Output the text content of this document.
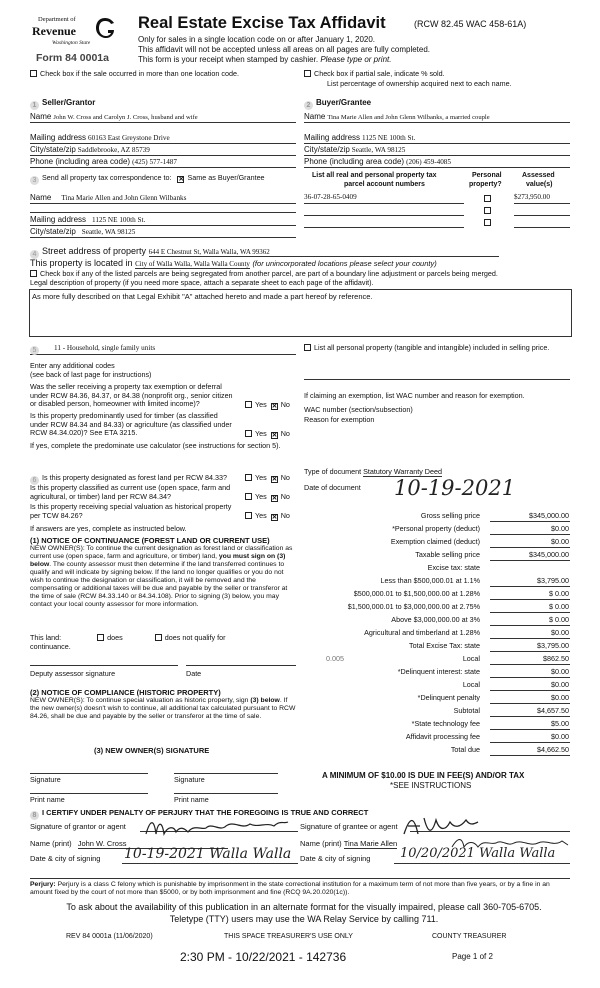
Department of
Revenue
Washington State
Form 84 0001a
Real Estate Excise Tax Affidavit	(RCW 82.45 WAC 458-61A)
Only for sales in a single location code on or after January 1, 2020.
This affidavit will not be accepted unless all areas on all pages are fully completed.
This form is your receipt when stamped by cashier. Please type or print.
Check box if the sale occurred in more than one location code.	Check box if partial sale, indicate % sold.
List percentage of ownership acquired next to each name.
1 Seller/Grantor
Name John W. Cross and Carolyn J. Cross, husband and wife
Mailing address 60163 East Greystone Drive
City/state/zip Saddlebrooke, AZ 85739
Phone (including area code) (425) 577-1487
2 Buyer/Grantee
Name Tina Marie Allen and John Glenn Wilbanks, a married couple
Mailing address 1125 NE 100th St.
City/state/zip Seattle, WA 98125
Phone (including area code) (206) 459-4085
3 Send all property tax correspondence to: ✕ Same as Buyer/Grantee
Name Tina Marie Allen and John Glenn Wilbanks
Mailing address 1125 NE 100th St.
City/state/zip Seattle, WA 98125
List all real and personal property tax
parcel account numbers
Personal
property?
Assessed
value(s)
36-07-28-65-0409	$273,950.00
4 Street address of property 644 E Chestnut St, Walla Walla, WA 99362
This property is located in City of Walla Walla, Walla Walla County (for unincorporated locations please select your county)
Check box if any of the listed parcels are being segregated from another parcel, are part of a boundary line adjustment or parcels being merged.
Legal description of property (if you need more space, attach a separate sheet to each page of the affidavit).
As more fully described on that Legal Exhibit "A" attached hereto and made a part hereof by reference.
5 11 - Household, single family units
Enter any additional codes
(see back of last page for instructions)
Was the seller receiving a property tax exemption or deferral under RCW 84.36, 84.37, or 84.38 (nonprofit org., senior citizen or disabled person, homeowner with limited income)?	Yes ✕ No
Is this property predominantly used for timber (as classified under RCW 84.34 and 84.33) or agriculture (as classified under RCW 84.34.020)? See ETA 3215.	Yes ✕ No
If yes, complete the predominate use calculator (see instructions for section 5).
List all personal property (tangible and intangible) included in selling price.
If claiming an exemption, list WAC number and reason for exemption.
WAC number (section/subsection)
Reason for exemption
Type of document Statutory Warranty Deed
Date of document 10-19-2021
6 Is this property designated as forest land per RCW 84.33?	Yes ✕ No
Is this property classified as current use (open space, farm and agricultural, or timber) land per RCW 84.34?	Yes ✕ No
Is this property receiving special valuation as historical property per TCW 84.26?	Yes ✕ No
If answers are yes, complete as instructed below.
(1) NOTICE OF CONTINUANCE (FOREST LAND OR CURRENT USE)
NEW OWNER(S): To continue the current designation as forest land or classification as current use (open space, farm and agriculture, or timber) land, you must sign on (3) below. The county assessor must then determine if the land transferred continues to qualify and will indicate by signing below. If the land no longer qualifies or you do not wish to continue the designation or classification, it will be removed and the compensating or additional taxes will be due and payable by the seller or transferor at the time of sale (RCW 84.33.140 or 84.34.108). Prior to signing (3) below, you may contact your local county assessor for more information.
This land:	does	does not qualify for
continuance.
Deputy assessor signature	Date
(2) NOTICE OF COMPLIANCE (HISTORIC PROPERTY)
NEW OWNER(S): To continue special valuation as historic property, sign (3) below. If the new owner(s) doesn't wish to continue, all additional tax calculated pursuant to RCW 84.26, shall be due and payable by the seller or transferor at the time of sale.
(3) NEW OWNER(S) SIGNATURE
Signature	Signature
Print name	Print name
Gross selling price	$345,000.00
*Personal property (deduct)	$0.00
Exemption claimed (deduct)	$0.00
Taxable selling price	$345,000.00
Excise tax: state
Less than $500,000.01 at 1.1%	$3,795.00
$500,000.01 to $1,500,000.00 at 1.28%	$ 0.00
$1,500,000.01 to $3,000,000.00 at 2.75%	$ 0.00
Above $3,000,000.00 at 3%	$ 0.00
Agricultural and timberland at 1.28%	$0.00
Total Excise Tax: state	$3,795.00
0.005	Local	$862.50
*Delinquent interest: state	$0.00
Local	$0.00
*Delinquent penalty	$0.00
Subtotal	$4,657.50
*State technology fee	$5.00
Affidavit processing fee	$0.00
Total due	$4,662.50
A MINIMUM OF $10.00 IS DUE IN FEE(S) AND/OR TAX
*SEE INSTRUCTIONS
8 I CERTIFY UNDER PENALTY OF PERJURY THAT THE FOREGOING IS TRUE AND CORRECT
Signature of grantor or agent	Signature of grantee or agent
Name (print) John W. Cross	Name (print) Tina Marie Allen
Date & city of signing 10-19-2021 Walla Walla Date & city of signing 10/20/2021 Walla Walla
Perjury: Perjury is a class C felony which is punishable by imprisonment in the state correctional institution for a maximum term of not more than five years, or by a fine in an amount fixed by the court of not more than $5000, or by both imprisonment and fine (RCQ 9A.20.020(1c)).
To ask about the availability of this publication in an alternate format for the visually impaired, please call 360-705-6705.
Teletype (TTY) users may use the WA Relay Service by calling 711.
REV 84 0001a (11/06/2020)	THIS SPACE TREASURER'S USE ONLY	COUNTY TREASURER
2:30 PM - 10/22/2021 - 142736	Page 1 of 2
